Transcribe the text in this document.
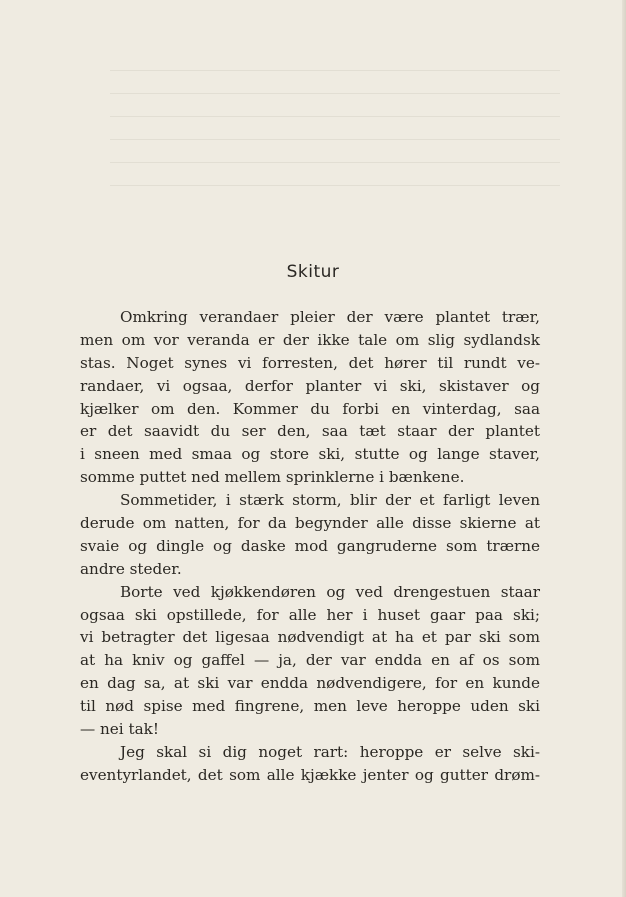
Skitur
Omkring verandaer pleier der være plantet trær,
men om vor veranda er der ikke tale om slig sydlandsk
stas. Noget synes vi forresten, det hører til rundt ve-
randaer, vi ogsaa, derfor planter vi ski, skistaver og
kjælker om den. Kommer du forbi en vinterdag, saa
er det saavidt du ser den, saa tæt staar der plantet
i sneen med smaa og store ski, stutte og lange staver,
somme puttet ned mellem sprinklerne i bænkene.
Sommetider, i stærk storm, blir der et farligt leven
derude om natten, for da begynder alle disse skierne at
svaie og dingle og daske mod gangruderne som trærne
andre steder.
Borte ved kjøkkendøren og ved drengestuen staar
ogsaa ski opstillede, for alle her i huset gaar paa ski;
vi betragter det ligesaa nødvendigt at ha et par ski som
at ha kniv og gaffel — ja, der var endda en af os som
en dag sa, at ski var endda nødvendigere, for en kunde
til nød spise med fingrene, men leve heroppe uden ski
— nei tak!
Jeg skal si dig noget rart: heroppe er selve ski-
eventyrlandet, det som alle kjække jenter og gutter drøm-
